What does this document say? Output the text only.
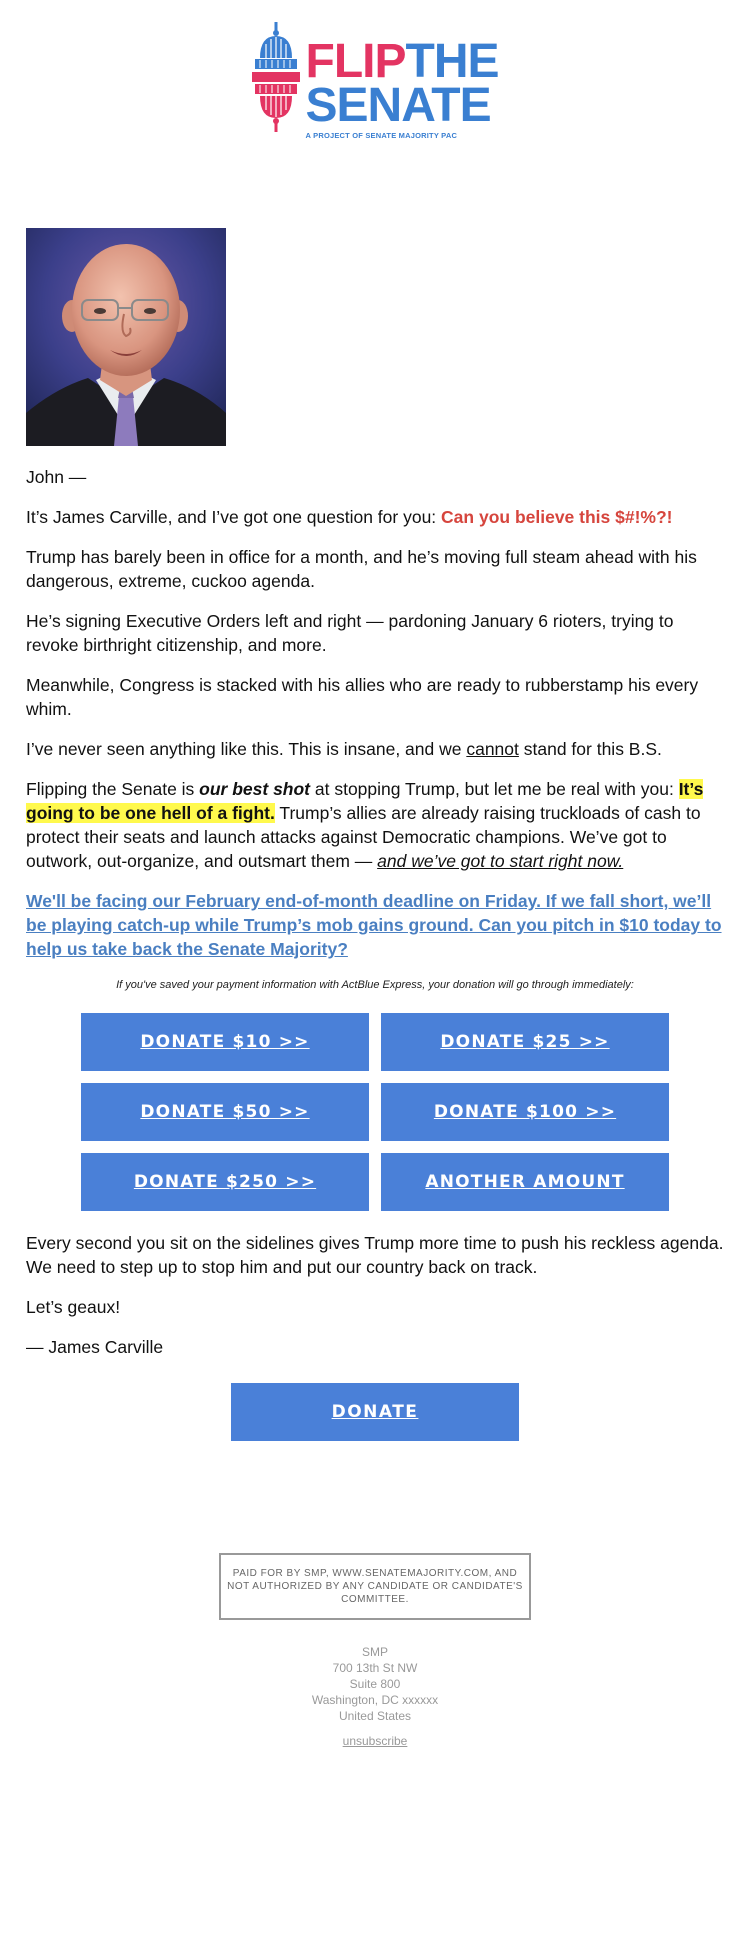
FLIPTHE
SENATE
A PROJECT OF SENATE MAJORITY PAC

John —

It’s James Carville, and I’ve got one question for you: Can you believe this $#!%?!

Trump has barely been in office for a month, and he’s moving full steam ahead with his dangerous, extreme, cuckoo agenda.

He’s signing Executive Orders left and right — pardoning January 6 rioters, trying to revoke birthright citizenship, and more.

Meanwhile, Congress is stacked with his allies who are ready to rubberstamp his every whim.

I’ve never seen anything like this. This is insane, and we cannot stand for this B.S.

Flipping the Senate is our best shot at stopping Trump, but let me be real with you: It’s going to be one hell of a fight. Trump’s allies are already raising truckloads of cash to protect their seats and launch attacks against Democratic champions. We’ve got to outwork, out-organize, and outsmart them — and we’ve got to start right now.

We'll be facing our February end-of-month deadline on Friday. If we fall short, we’ll be playing catch-up while Trump’s mob gains ground. Can you pitch in $10 today to help us take back the Senate Majority?
If you've saved your payment information with ActBlue Express, your donation will go through immediately:
DONATE $10 >>	DONATE $25 >>
DONATE $50 >>	DONATE $100 >>
DONATE $250 >>	ANOTHER AMOUNT

Every second you sit on the sidelines gives Trump more time to push his reckless agenda. We need to step up to stop him and put our country back on track.

Let’s geaux!

— James Carville

DONATE
PAID FOR BY SMP, WWW.SENATEMAJORITY.COM, AND NOT AUTHORIZED BY ANY CANDIDATE OR CANDIDATE'S COMMITTEE.
SMP
700 13th St NW
Suite 800
Washington, DC xxxxxx
United States
unsubscribe
